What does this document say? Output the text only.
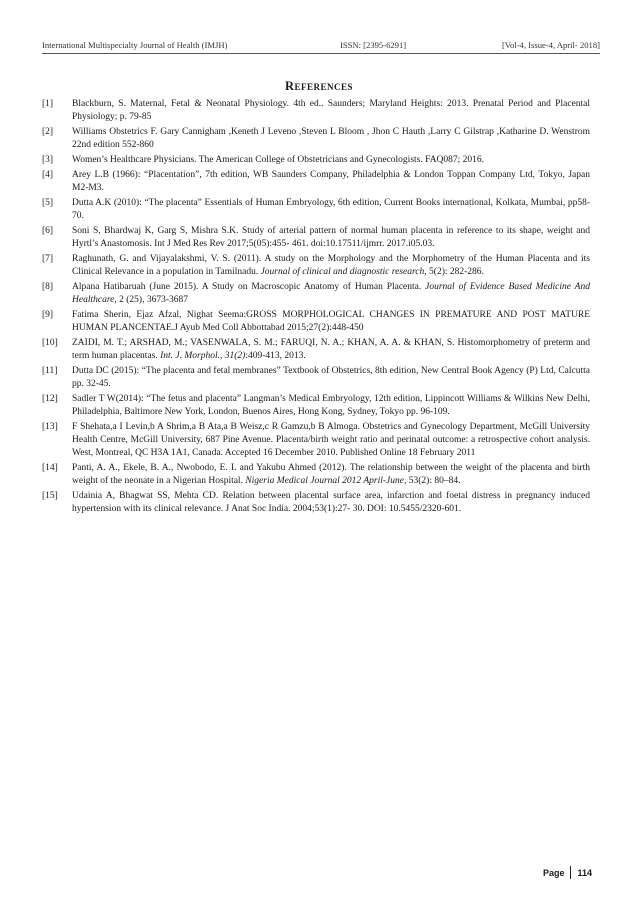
International Multispecialty Journal of Health (IMJH)	ISSN: [2395-6291]	[Vol-4, Issue-4, April- 2018]
References
[1] Blackburn, S. Maternal, Fetal & Neonatal Physiology. 4th ed.. Saunders; Maryland Heights: 2013. Prenatal Period and Placental Physiology; p. 79-85
[2] Williams Obstetrics F. Gary Cannigham ,Keneth J Leveno ,Steven L Bloom , Jhon C Hauth ,Larry C Gilstrap ,Katharine D. Wenstrom 22nd edition 552-860
[3] Women’s Healthcare Physicians. The American College of Obstetricians and Gynecologists. FAQ087; 2016.
[4] Arey L.B (1966): “Placentation”, 7th edition, WB Saunders Company, Philadelphia & London Toppan Company Ltd, Tokyo, Japan M2-M3.
[5] Dutta A.K (2010): “The placenta” Essentials of Human Embryology, 6th edition, Current Books international, Kolkata, Mumbai, pp58-70.
[6] Soni S, Bhardwaj K, Garg S, Mishra S.K. Study of arterial pattern of normal human placenta in reference to its shape, weight and Hyrtl’s Anastomosis. Int J Med Res Rev 2017;5(05):455- 461. doi:10.17511/ijmrr. 2017.i05.03.
[7] Raghunath, G. and Vijayalakshmi, V. S. (2011). A study on the Morphology and the Morphometry of the Human Placenta and its Clinical Relevance in a population in Tamilnadu. Journal of clinical and diagnostic research, 5(2): 282-286.
[8] Alpana Hatibaruah (June 2015). A Study on Macroscopic Anatomy of Human Placenta. Journal of Evidence Based Medicine And Healthcare, 2 (25), 3673-3687
[9] Fatima Sherin, Ejaz Afzal, Nighat Seema:GROSS MORPHOLOGICAL CHANGES IN PREMATURE AND POST MATURE HUMAN PLANCENTAE.J Ayub Med Coll Abbottabad 2015;27(2):448-450
[10] ZAIDI, M. T.; ARSHAD, M.; VASENWALA, S. M.; FARUQI, N. A.; KHAN, A. A. & KHAN, S. Histomorphometry of preterm and term human placentas. Int. J. Morphol., 31(2):409-413, 2013.
[11] Dutta DC (2015): “The placenta and fetal membranes” Textbook of Obstetrics, 8th edition, New Central Book Agency (P) Ltd, Calcutta pp. 32-45.
[12] Sadler T W(2014): “The fetus and placenta” Langman’s Medical Embryology, 12th edition, Lippincott Williams & Wilkins New Delhi, Philadelphia, Baltimore New York, London, Buenos Aires, Hong Kong, Sydney, Tokyo pp. 96-109.
[13] F Shehata,a I Levin,b A Shrim,a B Ata,a B Weisz,c R Gamzu,b B Almoga. Obstetrics and Gynecology Department, McGill University Health Centre, McGill University, 687 Pine Avenue. Placenta/birth weight ratio and perinatal outcome: a retrospective cohort analysis. West, Montreal, QC H3A 1A1, Canada. Accepted 16 December 2010. Published Online 18 February 2011
[14] Panti, A. A., Ekele, B. A., Nwobodo, E. I. and Yakubu Ahmed (2012). The relationship between the weight of the placenta and birth weight of the neonate in a Nigerian Hospital. Nigeria Medical Journal 2012 April-June, 53(2): 80–84.
[15] Udainia A, Bhagwat SS, Mehta CD. Relation between placental surface area, infarction and foetal distress in pregnancy induced hypertension with its clinical relevance. J Anat Soc India. 2004;53(1):27- 30. DOI: 10.5455/2320-601.
Page 114
